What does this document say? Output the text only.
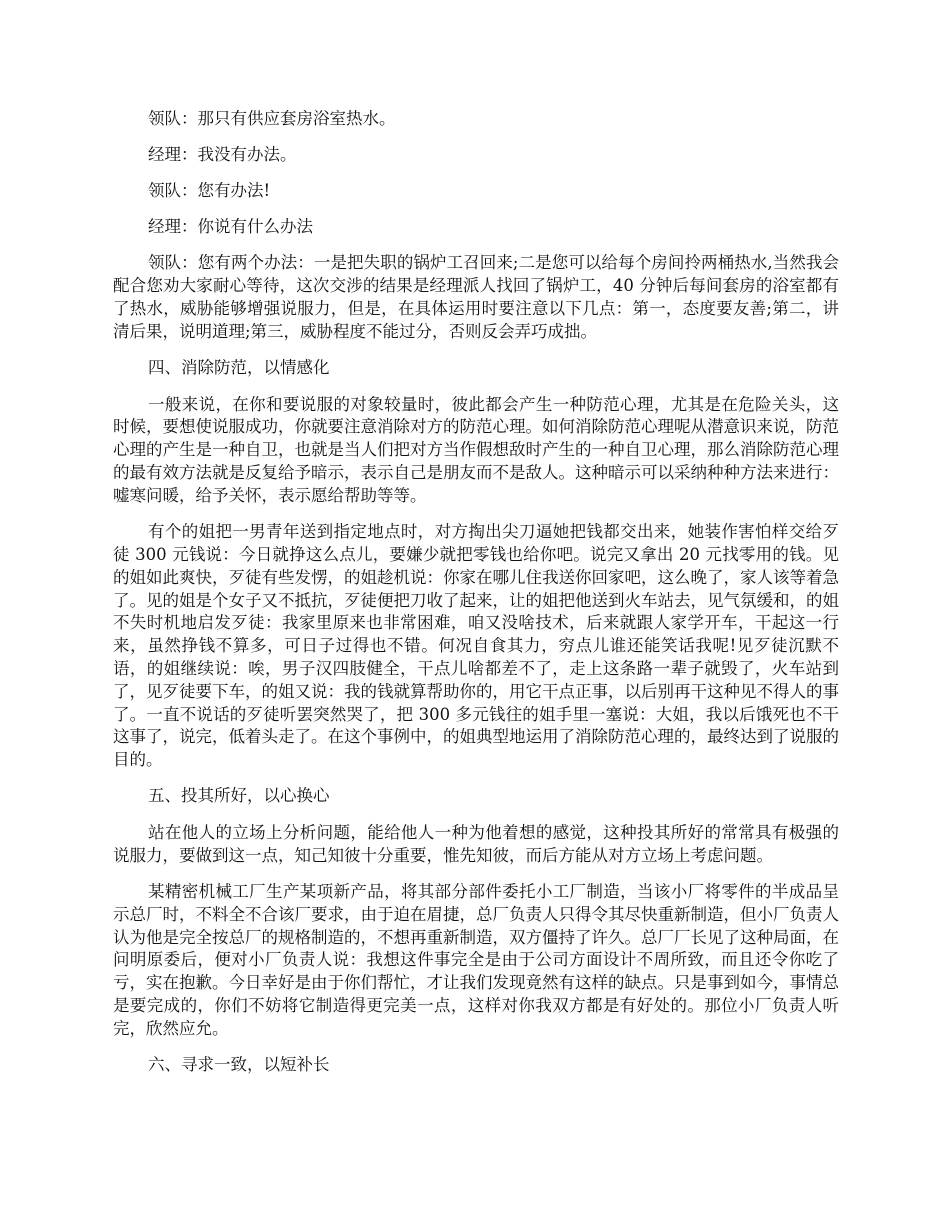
领队：那只有供应套房浴室热水。

经理：我没有办法。

领队：您有办法!

经理：你说有什么办法

领队：您有两个办法：一是把失职的锅炉工召回来;二是您可以给每个房间拎两桶热水,当然我会配合您劝大家耐心等待，这次交涉的结果是经理派人找回了锅炉工，40 分钟后每间套房的浴室都有了热水，威胁能够增强说服力，但是，在具体运用时要注意以下几点：第一，态度要友善;第二，讲清后果，说明道理;第三，威胁程度不能过分，否则反会弄巧成拙。

四、消除防范，以情感化

一般来说，在你和要说服的对象较量时，彼此都会产生一种防范心理，尤其是在危险关头，这时候，要想使说服成功，你就要注意消除对方的防范心理。如何消除防范心理呢从潜意识来说，防范心理的产生是一种自卫，也就是当人们把对方当作假想敌时产生的一种自卫心理，那么消除防范心理的最有效方法就是反复给予暗示，表示自己是朋友而不是敌人。这种暗示可以采纳种种方法来进行：嘘寒问暖，给予关怀，表示愿给帮助等等。

有个的姐把一男青年送到指定地点时，对方掏出尖刀逼她把钱都交出来，她装作害怕样交给歹徒 300 元钱说：今日就挣这么点儿，要嫌少就把零钱也给你吧。说完又拿出 20 元找零用的钱。见的姐如此爽快，歹徒有些发愣，的姐趁机说：你家在哪儿住我送你回家吧，这么晚了，家人该等着急了。见的姐是个女子又不抵抗，歹徒便把刀收了起来，让的姐把他送到火车站去，见气氛缓和，的姐不失时机地启发歹徒：我家里原来也非常困难，咱又没啥技术，后来就跟人家学开车，干起这一行来，虽然挣钱不算多，可日子过得也不错。何况自食其力，穷点儿谁还能笑话我呢!见歹徒沉默不语，的姐继续说：唉，男子汉四肢健全，干点儿啥都差不了，走上这条路一辈子就毁了，火车站到了，见歹徒要下车，的姐又说：我的钱就算帮助你的，用它干点正事，以后别再干这种见不得人的事了。一直不说话的歹徒听罢突然哭了，把 300 多元钱往的姐手里一塞说：大姐，我以后饿死也不干这事了，说完，低着头走了。在这个事例中，的姐典型地运用了消除防范心理的，最终达到了说服的目的。

五、投其所好，以心换心

站在他人的立场上分析问题，能给他人一种为他着想的感觉，这种投其所好的常常具有极强的说服力，要做到这一点，知己知彼十分重要，惟先知彼，而后方能从对方立场上考虑问题。

某精密机械工厂生产某项新产品，将其部分部件委托小工厂制造，当该小厂将零件的半成品呈示总厂时，不料全不合该厂要求，由于迫在眉捷，总厂负责人只得令其尽快重新制造，但小厂负责人认为他是完全按总厂的规格制造的，不想再重新制造，双方僵持了许久。总厂厂长见了这种局面，在问明原委后，便对小厂负责人说：我想这件事完全是由于公司方面设计不周所致，而且还令你吃了亏，实在抱歉。今日幸好是由于你们帮忙，才让我们发现竟然有这样的缺点。只是事到如今，事情总是要完成的，你们不妨将它制造得更完美一点，这样对你我双方都是有好处的。那位小厂负责人听完，欣然应允。

六、寻求一致，以短补长
